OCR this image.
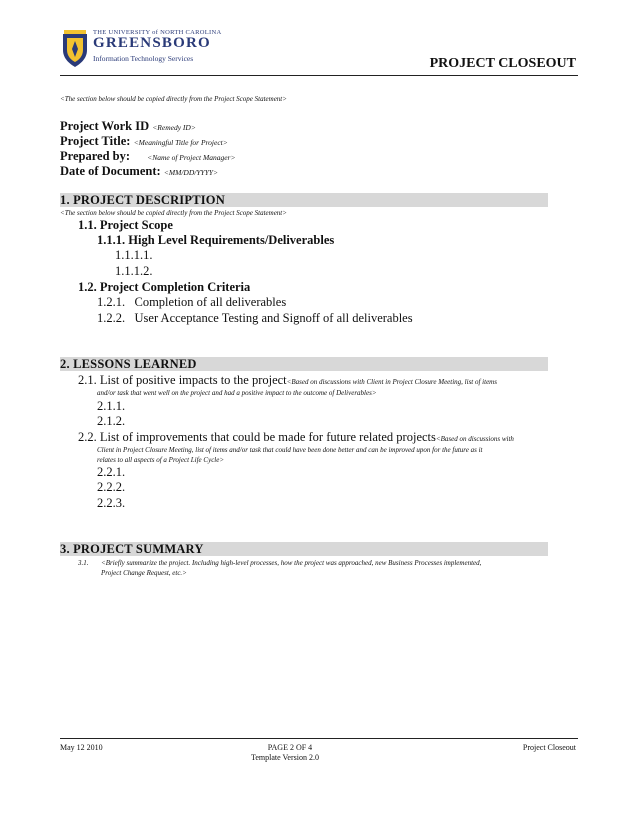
THE UNIVERSITY of NORTH CAROLINA
GREENSBORO
Information Technology Services	PROJECT CLOSEOUT
<The section below should be copied directly from the Project Scope Statement>
Project Work ID <Remedy ID>
Project Title: <Meaningful Title for Project>
Prepared by: <Name of Project Manager>
Date of Document: <MM/DD/YYYY>
1. PROJECT DESCRIPTION
<The section below should be copied directly from the Project Scope Statement>
1.1. Project Scope
1.1.1. High Level Requirements/Deliverables
1.1.1.1.
1.1.1.2.
1.2. Project Completion Criteria
1.2.1.   Completion of all deliverables
1.2.2.   User Acceptance Testing and Signoff of all deliverables
2. LESSONS LEARNED
2.1. List of positive impacts to the project<Based on discussions with Client in Project Closure Meeting, list of items
and/or task that went well on the project and had a positive impact to the outcome of Deliverables>
2.1.1.
2.1.2.
2.2. List of improvements that could be made for future related projects<Based on discussions with
Client in Project Closure Meeting, list of items and/or task that could have been done better and can be improved upon for the future as it
relates to all aspects of a Project Life Cycle>
2.2.1.
2.2.2.
2.2.3.
3. PROJECT SUMMARY
3.1. <Briefly summarize the project. Including high-level processes, how the project was approached, new Business Processes implemented,
Project Change Request, etc.>
May 12 2010	PAGE 2 OF 4
Template Version 2.0
Project Closeout
